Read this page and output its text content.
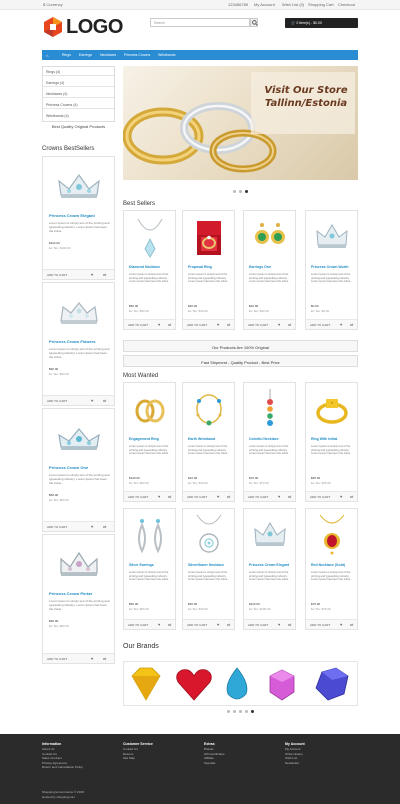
$ Currency	123456789 My Account Wish List (0) Shopping Cart Checkout
LOGO	Search	🛒 0 item(s) - $0.00
⌂	Rings Earrings Necklaces Princess Crowns Wristbands
Rings (4)
Earrings (4)
Necklaces (4)
Princess Crowns (4)
Wristbands (4)
Best Quality Original Products
Crowns BestSellers
Princess Crown Elegant
Lorem Ipsum is simply text of the printing and typesetting industry. Lorem Ipsum has been the indus..
$110.00
Ex Tax: $100.00
ADD TO CART	♥ ⇄
Princess Crown Flowers
Lorem Ipsum is simply text of the printing and typesetting industry. Lorem Ipsum has been the indus..
$90.00
Ex Tax: $90.00
ADD TO CART	♥ ⇄
Princess Crown One
Lorem Ipsum is simply text of the printing and typesetting industry. Lorem Ipsum has been the indus..
$50.00
Ex Tax: $50.00
ADD TO CART	♥ ⇄
Princess Crown Pinker
Lorem Ipsum is simply text of the printing and typesetting industry. Lorem Ipsum has been the indus..
$90.00
Ex Tax: $90.00
ADD TO CART	♥ ⇄
Visit Our Store Tallinn/Estonia
Best Sellers
Diamond Necklace
Lorem Ipsum is simply text of the printing and typesetting industry. Lorem Ipsum has been the indus..
$50.00
Ex Tax: $50.00
ADD TO CART ♥ ⇄
Proposal Ring
Lorem Ipsum is simply text of the printing and typesetting industry. Lorem Ipsum has been the indus..
$30.00
Ex Tax: $30.00
ADD TO CART ♥ ⇄
Earrings One
Lorem Ipsum is simply text of the printing and typesetting industry. Lorem Ipsum has been the indus..
$40.00
Ex Tax: $40.00
ADD TO CART ♥ ⇄
Princess Crown Worth
Lorem Ipsum is simply text of the printing and typesetting industry. Lorem Ipsum has been the indus..
$0.00
Ex Tax: $0.00
ADD TO CART ♥ ⇄
Our Products Are 100% Original
Fast Shipment - Quality Product - Best Price
Most Wanted
Engagement Ring
Lorem Ipsum is simply text of the printing and typesetting industry. Lorem Ipsum has been the indus..
$100.00
Ex Tax: $90.00
ADD TO CART ♥ ⇄
Earth Wristband
Lorem Ipsum is simply text of the printing and typesetting industry. Lorem Ipsum has been the indus..
$10.00
Ex Tax: $10.00
ADD TO CART ♥ ⇄
Colorful Necklace
Lorem Ipsum is simply text of the printing and typesetting industry. Lorem Ipsum has been the indus..
$70.00
Ex Tax: $70.00
ADD TO CART ♥ ⇄
*
Ring With Initial
Lorem Ipsum is simply text of the printing and typesetting industry. Lorem Ipsum has been the indus..
$35.00
Ex Tax: $35.00
ADD TO CART ♥ ⇄
Silver Earrings
Lorem Ipsum is simply text of the printing and typesetting industry. Lorem Ipsum has been the indus..
$50.00
Ex Tax: $50.00
ADD TO CART ♥ ⇄
Silverflower Necklace
Lorem Ipsum is simply text of the printing and typesetting industry. Lorem Ipsum has been the indus..
$30.00
Ex Tax: $30.00
ADD TO CART ♥ ⇄
Princess Crown Elegant
Lorem Ipsum is simply text of the printing and typesetting industry. Lorem Ipsum has been the indus..
$110.00
Ex Tax: $100.00
ADD TO CART ♥ ⇄
Red Necklace (Gold)
Lorem Ipsum is simply text of the printing and typesetting industry. Lorem Ipsum has been the indus..
$75.00
Ex Tax: $75.00
ADD TO CART ♥ ⇄
Our Brands
Information
About Us
Contact Us
Sales Contract
Privacy Agreement
Return and Cancellation Policy
Customer Service
Contact Us
Returns
Site Map
Extras
Brands
Gift Certificates
Affiliate
Specials
My Account
My Account
Order History
Wish List
Newsletter
Shopping E-Commerce © 2018
Hosted by shopping.com
